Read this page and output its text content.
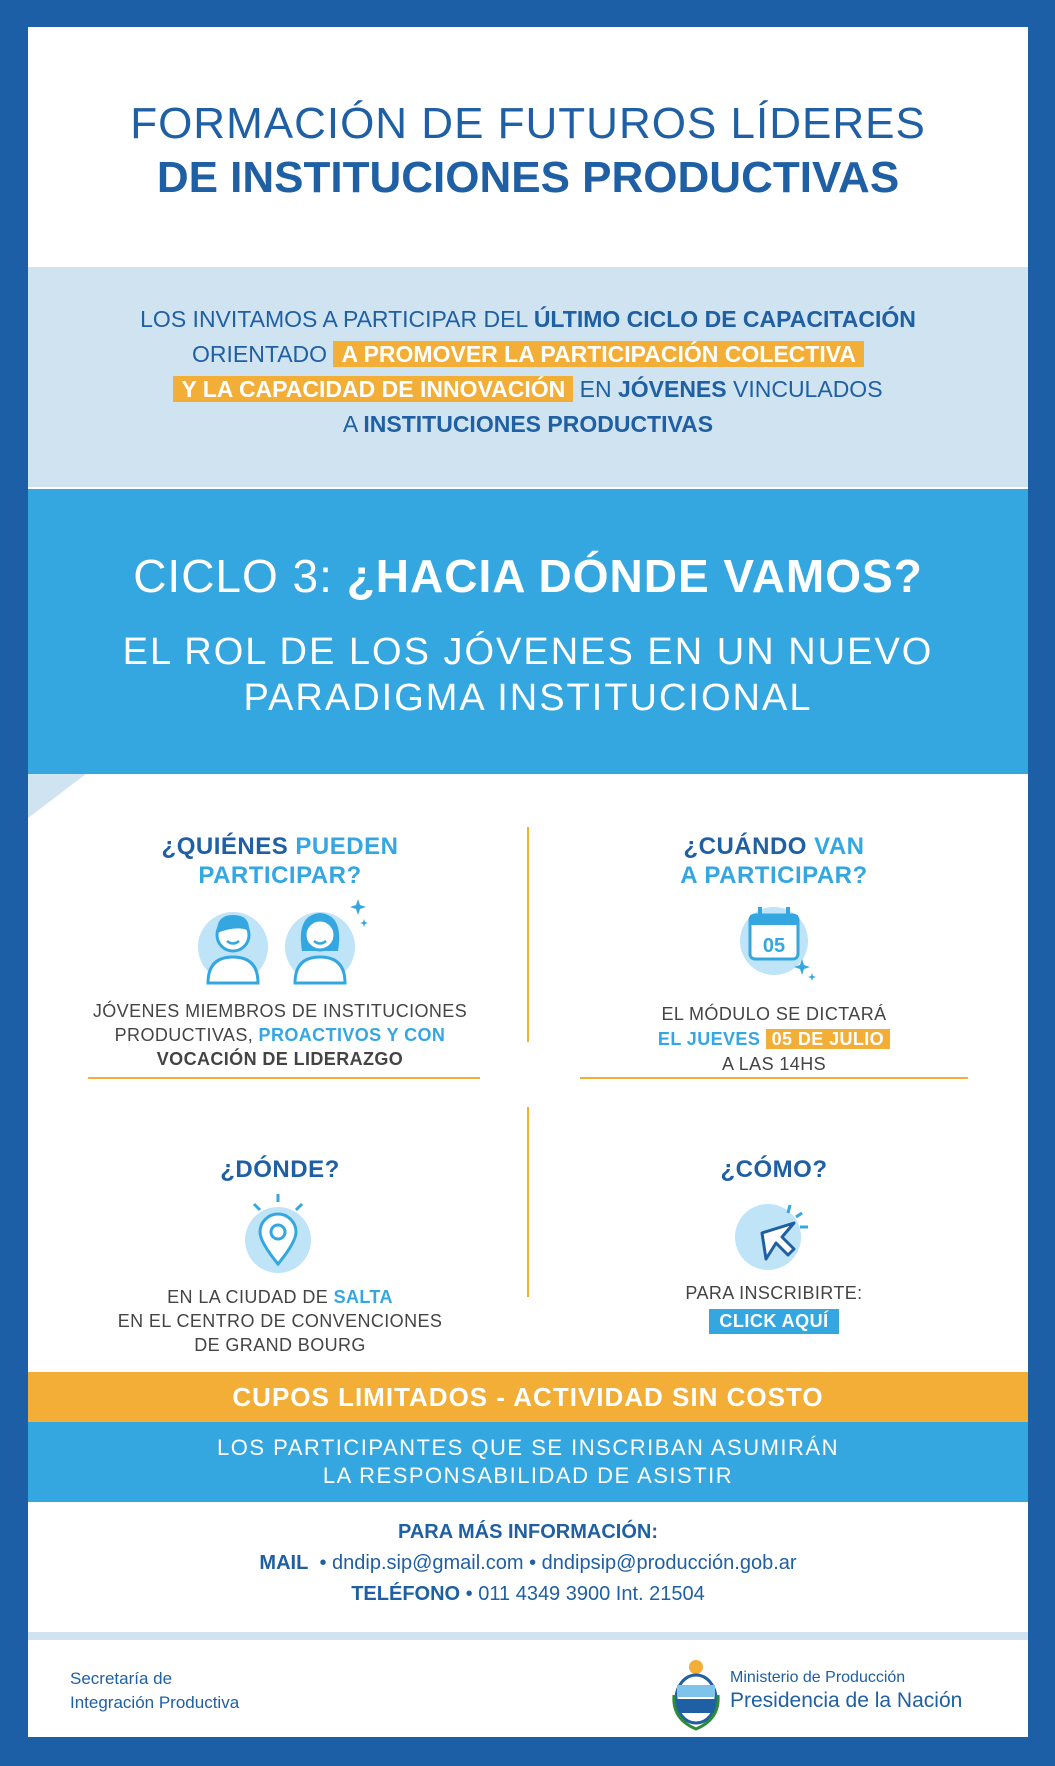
FORMACIÓN DE FUTUROS LÍDERES
DE INSTITUCIONES PRODUCTIVAS
LOS INVITAMOS A PARTICIPAR DEL ÚLTIMO CICLO DE CAPACITACIÓN
ORIENTADO A PROMOVER LA PARTICIPACIÓN COLECTIVA
Y LA CAPACIDAD DE INNOVACIÓN EN JÓVENES VINCULADOS
A INSTITUCIONES PRODUCTIVAS
CICLO 3: ¿HACIA DÓNDE VAMOS?
EL ROL DE LOS JÓVENES EN UN NUEVO
PARADIGMA INSTITUCIONAL
¿QUIÉNES PUEDEN
PARTICIPAR?
JÓVENES MIEMBROS DE INSTITUCIONES
PRODUCTIVAS, PROACTIVOS Y CON
VOCACIÓN DE LIDERAZGO
¿CUÁNDO VAN
A PARTICIPAR?
05
EL MÓDULO SE DICTARÁ
EL JUEVES 05 DE JULIO
A LAS 14HS
¿DÓNDE?
EN LA CIUDAD DE SALTA
EN EL CENTRO DE CONVENCIONES
DE GRAND BOURG
¿CÓMO?
PARA INSCRIBIRTE:
CLICK AQUÍ
CUPOS LIMITADOS - ACTIVIDAD SIN COSTO
LOS PARTICIPANTES QUE SE INSCRIBAN ASUMIRÁN
LA RESPONSABILIDAD DE ASISTIR
PARA MÁS INFORMACIÓN:
MAIL • dndip.sip@gmail.com • dndipsip@producción.gob.ar
TELÉFONO • 011 4349 3900 Int. 21504
Secretaría de
Integración Productiva
Ministerio de Producción
Presidencia de la Nación
